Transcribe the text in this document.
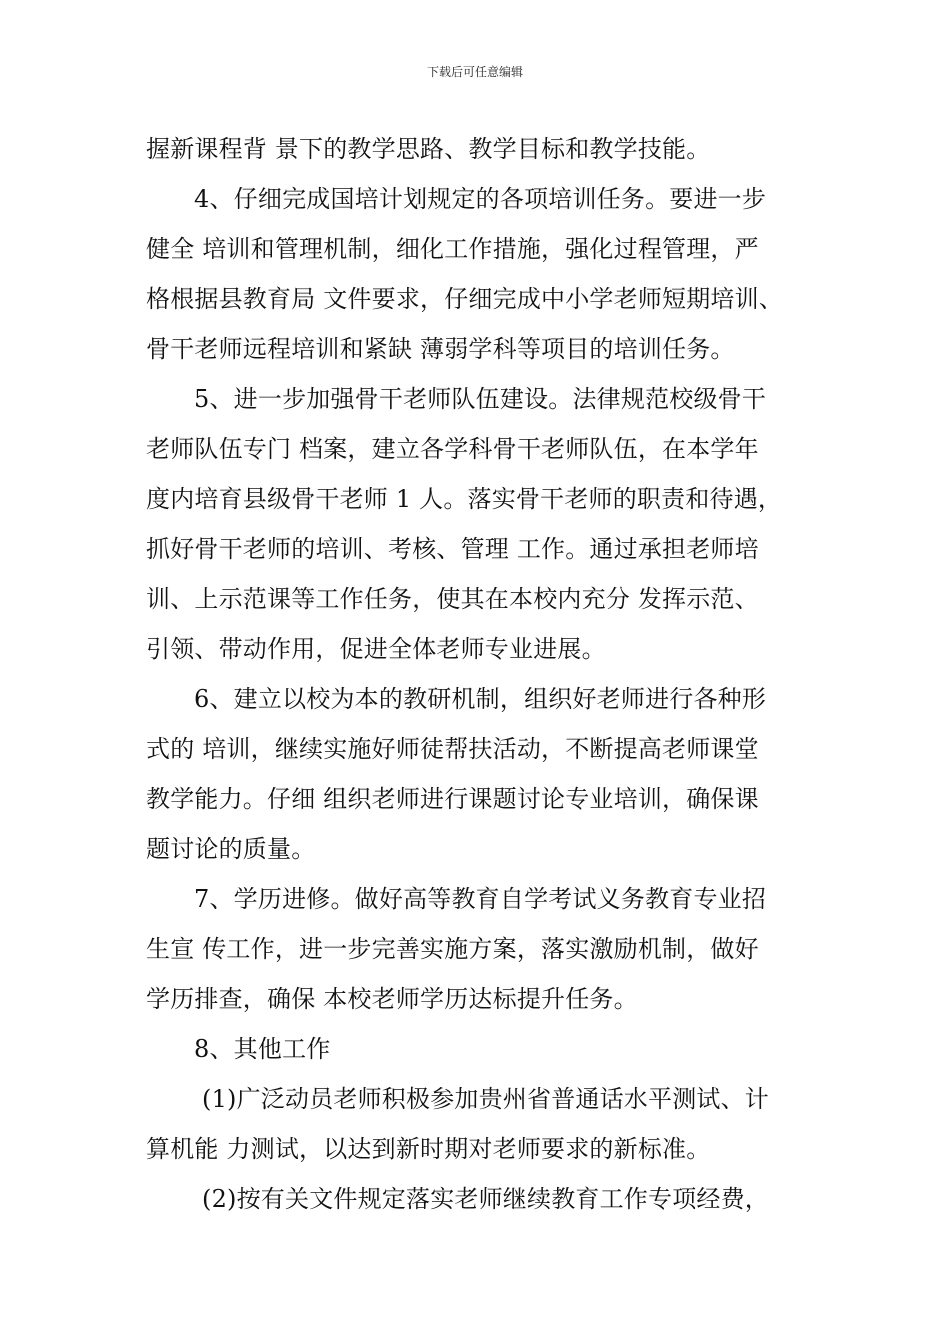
下载后可任意编辑
握新课程背 景下的教学思路、教学目标和教学技能。
4、仔细完成国培计划规定的各项培训任务。要进一步
健全 培训和管理机制，细化工作措施，强化过程管理，严
格根据县教育局 文件要求，仔细完成中小学老师短期培训、
骨干老师远程培训和紧缺 薄弱学科等项目的培训任务。
5、进一步加强骨干老师队伍建设。法律规范校级骨干
老师队伍专门 档案，建立各学科骨干老师队伍，在本学年
度内培育县级骨干老师 1 人。落实骨干老师的职责和待遇，
抓好骨干老师的培训、考核、管理 工作。通过承担老师培
训、上示范课等工作任务，使其在本校内充分 发挥示范、
引领、带动作用，促进全体老师专业进展。
6、建立以校为本的教研机制，组织好老师进行各种形
式的 培训，继续实施好师徒帮扶活动，不断提高老师课堂
教学能力。仔细 组织老师进行课题讨论专业培训，确保课
题讨论的质量。
7、学历进修。做好高等教育自学考试义务教育专业招
生宣 传工作，进一步完善实施方案，落实激励机制，做好
学历排查，确保 本校老师学历达标提升任务。
8、其他工作
(1)广泛动员老师积极参加贵州省普通话水平测试、计
算机能 力测试，以达到新时期对老师要求的新标准。
(2)按有关文件规定落实老师继续教育工作专项经费，
